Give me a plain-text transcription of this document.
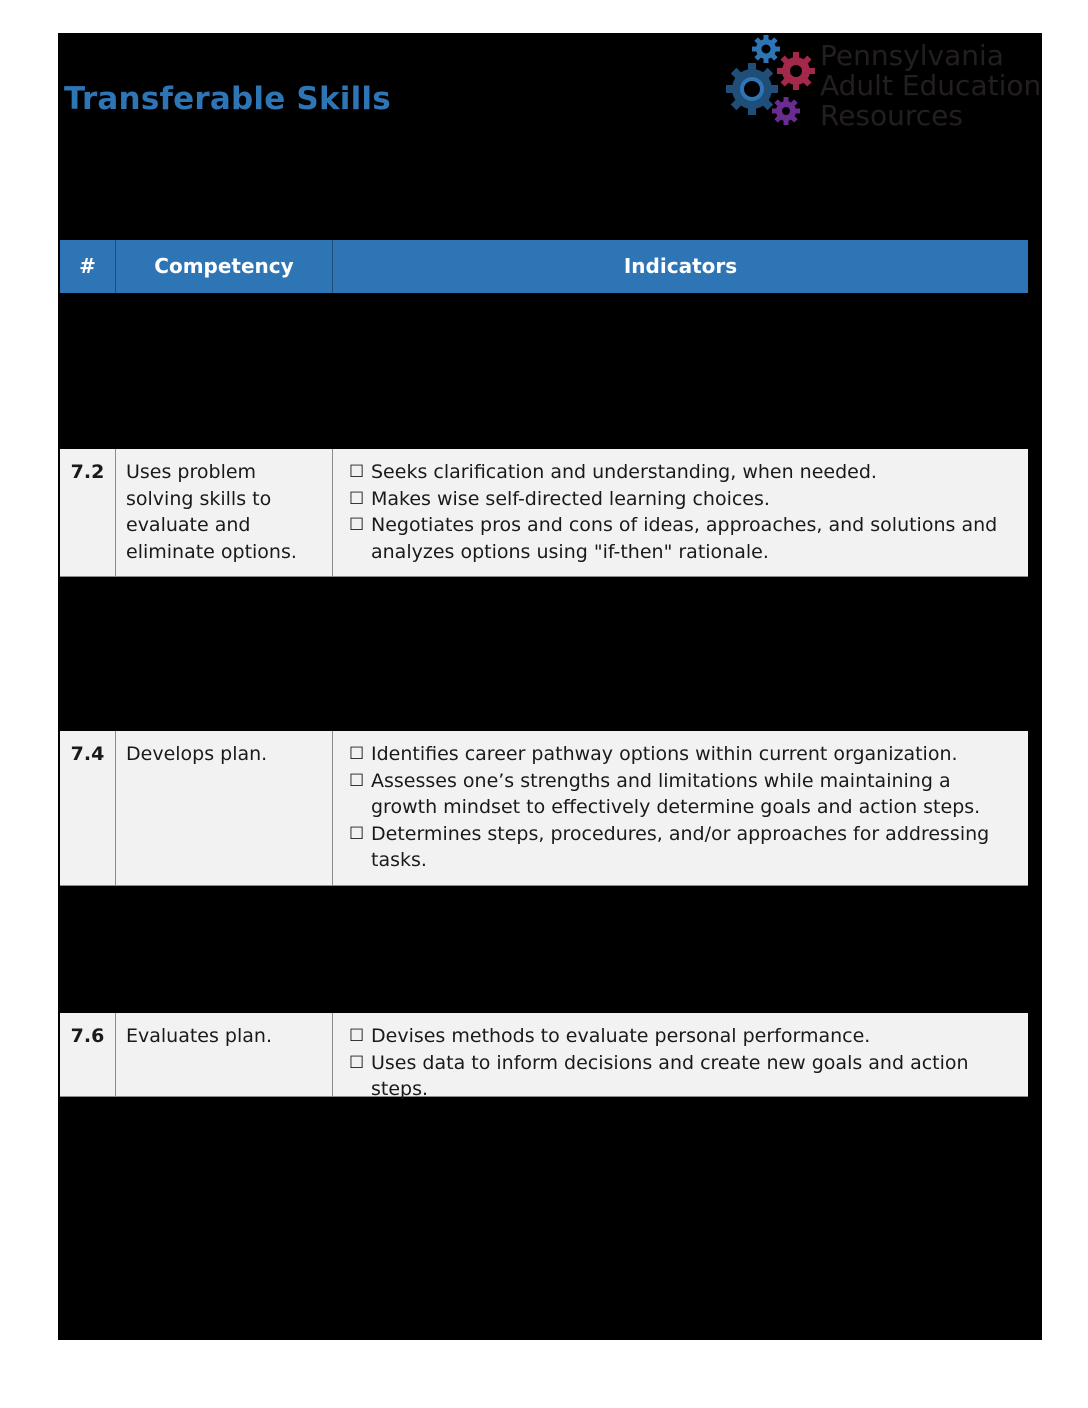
Transferable Skills
Pennsylvania
Adult Education
Resources
#	Competency	Indicators
7.2	Uses problem solving skills to evaluate and eliminate options.
☐ Seeks clarification and understanding, when needed.
☐ Makes wise self-directed learning choices.
☐ Negotiates pros and cons of ideas, approaches, and solutions and analyzes options using "if-then" rationale.
7.4	Develops plan.	☐ Identifies career pathway options within current organization.
☐ Assesses one’s strengths and limitations while maintaining a growth mindset to effectively determine goals and action steps.
☐ Determines steps, procedures, and/or approaches for addressing tasks.
7.6	Evaluates plan.	☐ Devises methods to evaluate personal performance.
☐ Uses data to inform decisions and create new goals and action steps.
